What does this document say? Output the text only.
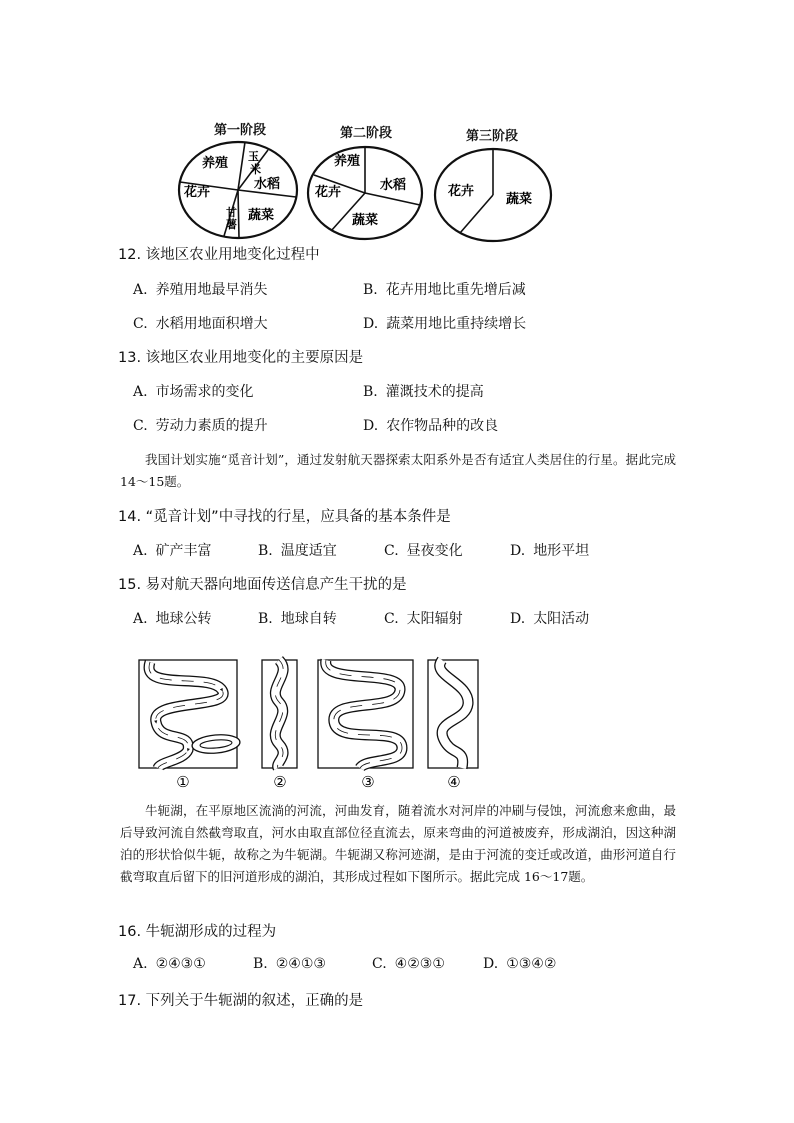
第一阶段	第二阶段	第三阶段
养殖 玉
米
水稻
蔬菜
甘
薯
花卉
养殖
水稻
蔬菜
花卉	花卉
蔬菜
12. 该地区农业用地变化过程中
A. 养殖用地最早消失	B. 花卉用地比重先增后减
C. 水稻用地面积增大	D. 蔬菜用地比重持续增长
13. 该地区农业用地变化的主要原因是
A. 市场需求的变化	B. 灌溉技术的提高
C. 劳动力素质的提升	D. 农作物品种的改良
我国计划实施“觅音计划”，通过发射航天器探索太阳系外是否有适宜人类居住的行星。据此完成 14～15题。
14. “觅音计划”中寻找的行星，应具备的基本条件是
A. 矿产丰富	B. 温度适宜	C. 昼夜变化	D. 地形平坦
15. 易对航天器向地面传送信息产生干扰的是
A. 地球公转	B. 地球自转	C. 太阳辐射	D. 太阳活动
①	②	③	④
牛轭湖，在平原地区流淌的河流，河曲发育，随着流水对河岸的冲刷与侵蚀，河流愈来愈曲，最后导致河流自然截弯取直，河水由取直部位径直流去，原来弯曲的河道被废弃，形成湖泊，因这种湖泊的形状恰似牛轭，故称之为牛轭湖。牛轭湖又称河迹湖，是由于河流的变迁或改道，曲形河道自行截弯取直后留下的旧河道形成的湖泊，其形成过程如下图所示。据此完成 16～17题。
16. 牛轭湖形成的过程为
A. ②④③①	B. ②④①③	C. ④②③①	D. ①③④②
17. 下列关于牛轭湖的叙述，正确的是
